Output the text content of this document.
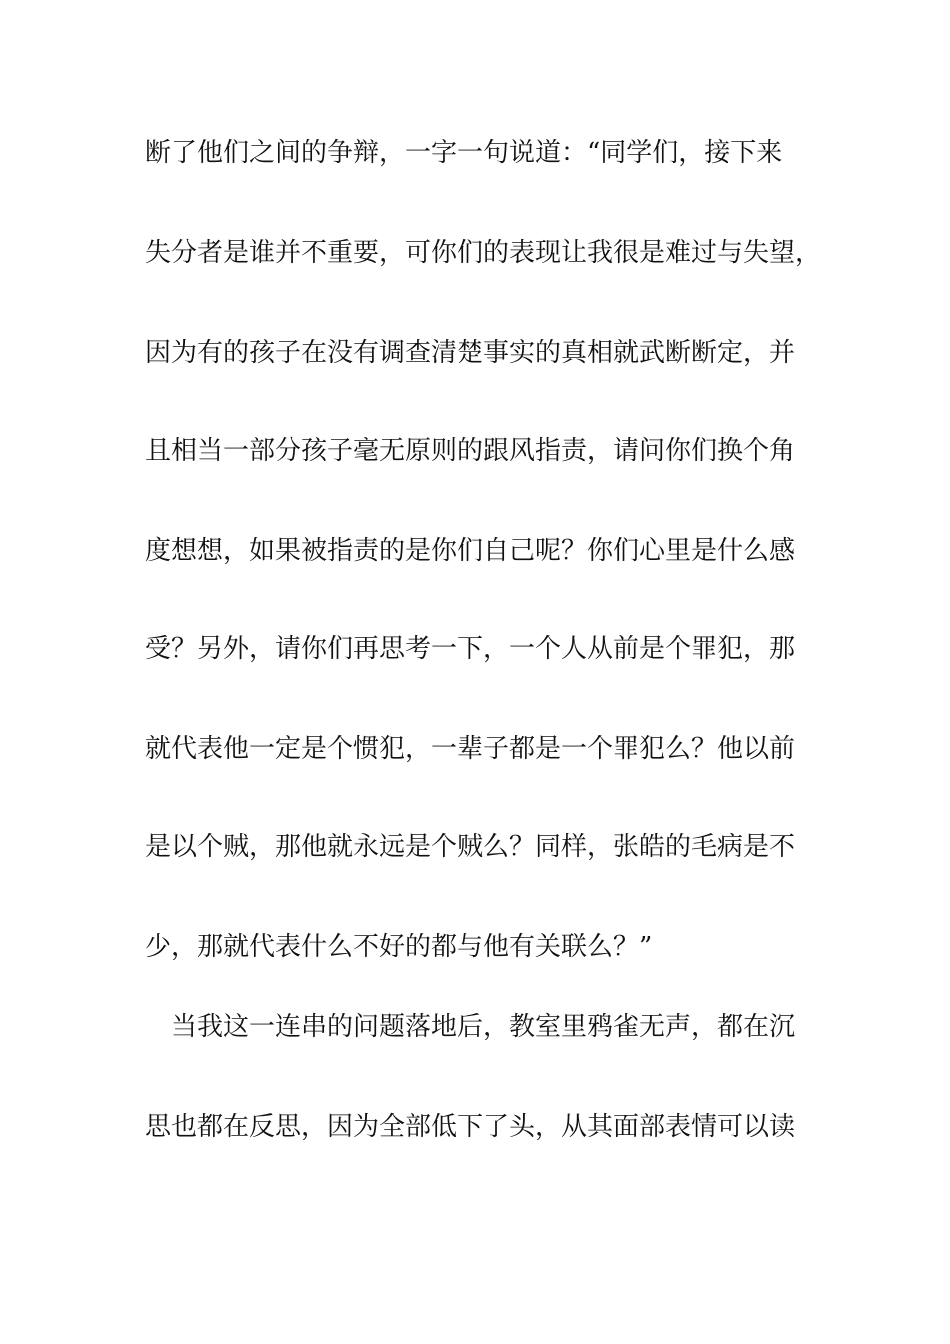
断了他们之间的争辩，一字一句说道：“同学们，接下来
失分者是谁并不重要，可你们的表现让我很是难过与失望，
因为有的孩子在没有调查清楚事实的真相就武断断定，并
且相当一部分孩子毫无原则的跟风指责，请问你们换个角
度想想，如果被指责的是你们自己呢？你们心里是什么感
受？另外，请你们再思考一下，一个人从前是个罪犯，那
就代表他一定是个惯犯，一辈子都是一个罪犯么？他以前
是以个贼，那他就永远是个贼么？同样，张皓的毛病是不
少，那就代表什么不好的都与他有关联么？”
当我这一连串的问题落地后，教室里鸦雀无声，都在沉
思也都在反思，因为全部低下了头，从其面部表情可以读
